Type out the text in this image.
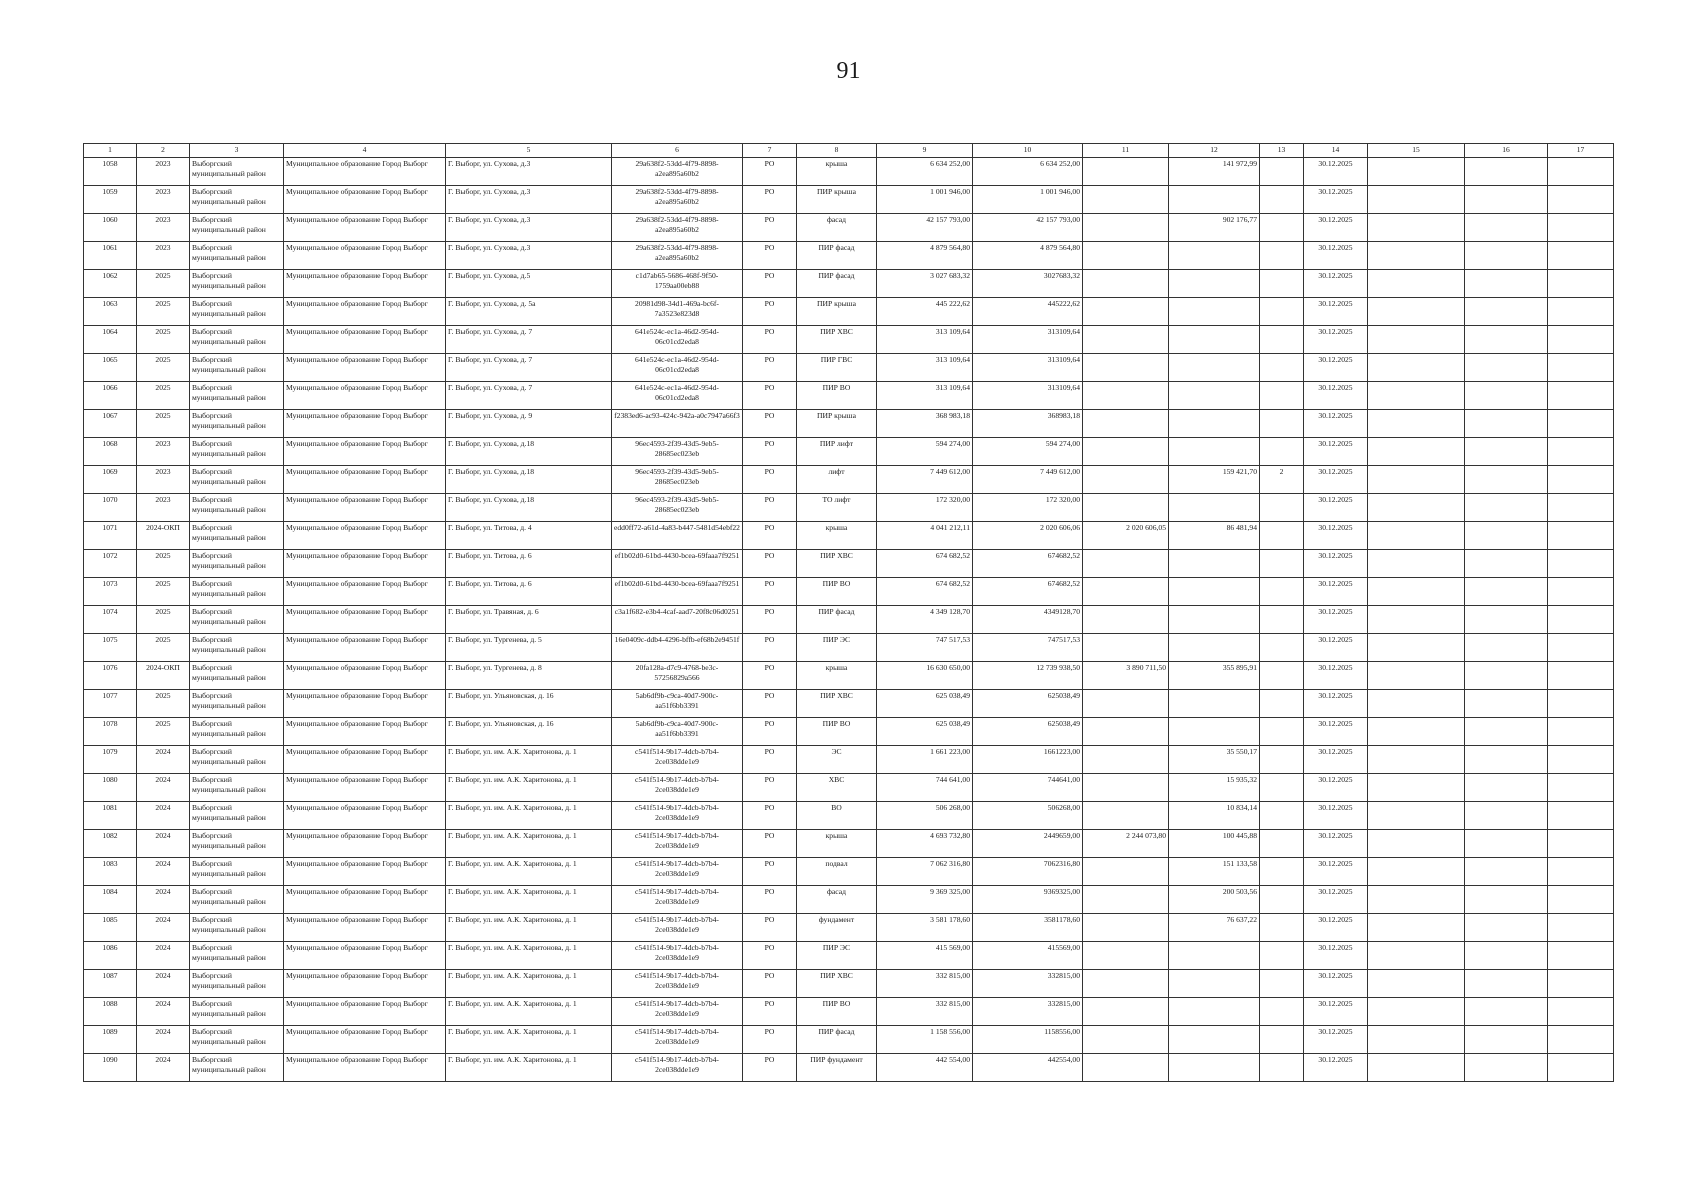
91
1	2	3	4	5	6	7	8	9	10	11	12	13	14	15	16	17
1058	2023	Выборгский муниципальный район	Муниципальное образование Город Выборг	Г. Выборг, ул. Сухова, д.3	29a638f2-53dd-4f79-8898-a2ea895a60b2	РО	крыша	6 634 252,00	6 634 252,00		141 972,99		30.12.2025			
1059	2023	Выборгский муниципальный район	Муниципальное образование Город Выборг	Г. Выборг, ул. Сухова, д.3	29a638f2-53dd-4f79-8898-a2ea895a60b2	РО	ПИР крыша	1 001 946,00	1 001 946,00				30.12.2025			
1060	2023	Выборгский муниципальный район	Муниципальное образование Город Выборг	Г. Выборг, ул. Сухова, д.3	29a638f2-53dd-4f79-8898-a2ea895a60b2	РО	фасад	42 157 793,00	42 157 793,00		902 176,77		30.12.2025			
1061	2023	Выборгский муниципальный район	Муниципальное образование Город Выборг	Г. Выборг, ул. Сухова, д.3	29a638f2-53dd-4f79-8898-a2ea895a60b2	РО	ПИР фасад	4 879 564,80	4 879 564,80				30.12.2025			
1062	2025	Выборгский муниципальный район	Муниципальное образование Город Выборг	Г. Выборг, ул. Сухова, д.5	c1d7ab65-5686-468f-9f50-1759aa00eb88	РО	ПИР фасад	3 027 683,32	3027683,32				30.12.2025			
1063	2025	Выборгский муниципальный район	Муниципальное образование Город Выборг	Г. Выборг, ул. Сухова, д. 5а	20981d98-34d1-469a-bc6f-7a3523e823d8	РО	ПИР крыша	445 222,62	445222,62				30.12.2025			
1064	2025	Выборгский муниципальный район	Муниципальное образование Город Выборг	Г. Выборг, ул. Сухова, д. 7	641e524c-ec1a-46d2-954d-06c01cd2eda8	РО	ПИР ХВС	313 109,64	313109,64				30.12.2025			
1065	2025	Выборгский муниципальный район	Муниципальное образование Город Выборг	Г. Выборг, ул. Сухова, д. 7	641e524c-ec1a-46d2-954d-06c01cd2eda8	РО	ПИР ГВС	313 109,64	313109,64				30.12.2025			
1066	2025	Выборгский муниципальный район	Муниципальное образование Город Выборг	Г. Выборг, ул. Сухова, д. 7	641e524c-ec1a-46d2-954d-06c01cd2eda8	РО	ПИР ВО	313 109,64	313109,64				30.12.2025			
1067	2025	Выборгский муниципальный район	Муниципальное образование Город Выборг	Г. Выборг, ул. Сухова, д. 9	f2383ed6-ac93-424c-942a-a0c7947a66f3	РО	ПИР крыша	368 983,18	368983,18				30.12.2025			
1068	2023	Выборгский муниципальный район	Муниципальное образование Город Выборг	Г. Выборг, ул. Сухова, д.18	96ec4593-2f39-43d5-9eb5-28685ec023eb	РО	ПИР лифт	594 274,00	594 274,00				30.12.2025			
1069	2023	Выборгский муниципальный район	Муниципальное образование Город Выборг	Г. Выборг, ул. Сухова, д.18	96ec4593-2f39-43d5-9eb5-28685ec023eb	РО	лифт	7 449 612,00	7 449 612,00		159 421,70	2	30.12.2025			
1070	2023	Выборгский муниципальный район	Муниципальное образование Город Выборг	Г. Выборг, ул. Сухова, д.18	96ec4593-2f39-43d5-9eb5-28685ec023eb	РО	ТО лифт	172 320,00	172 320,00				30.12.2025			
1071	2024-ОКП	Выборгский муниципальный район	Муниципальное образование Город Выборг	Г. Выборг, ул. Титова, д. 4	edd0ff72-a61d-4a83-b447-5481d54ebf22	РО	крыша	4 041 212,11	2 020 606,06	2 020 606,05	86 481,94		30.12.2025			
1072	2025	Выборгский муниципальный район	Муниципальное образование Город Выборг	Г. Выборг, ул. Титова, д. 6	ef1b02d0-61bd-4430-bcea-69faaa7f9251	РО	ПИР ХВС	674 682,52	674682,52				30.12.2025			
1073	2025	Выборгский муниципальный район	Муниципальное образование Город Выборг	Г. Выборг, ул. Титова, д. 6	ef1b02d0-61bd-4430-bcea-69faaa7f9251	РО	ПИР ВО	674 682,52	674682,52				30.12.2025			
1074	2025	Выборгский муниципальный район	Муниципальное образование Город Выборг	Г. Выборг, ул. Травяная, д. 6	c3a1f682-e3b4-4caf-aad7-20f8c06d0251	РО	ПИР фасад	4 349 128,70	4349128,70				30.12.2025			
1075	2025	Выборгский муниципальный район	Муниципальное образование Город Выборг	Г. Выборг, ул. Тургенева, д. 5	16e0409c-ddb4-4296-bffb-ef68b2e9451f	РО	ПИР ЭС	747 517,53	747517,53				30.12.2025			
1076	2024-ОКП	Выборгский муниципальный район	Муниципальное образование Город Выборг	Г. Выборг, ул. Тургенева, д. 8	20fa128a-d7c9-4768-be3c-57256829a566	РО	крыша	16 630 650,00	12 739 938,50	3 890 711,50	355 895,91		30.12.2025			
1077	2025	Выборгский муниципальный район	Муниципальное образование Город Выборг	Г. Выборг, ул. Ульяновская, д. 16	5ab6df9b-c9ca-40d7-900c-aa51f6bb3391	РО	ПИР ХВС	625 038,49	625038,49				30.12.2025			
1078	2025	Выборгский муниципальный район	Муниципальное образование Город Выборг	Г. Выборг, ул. Ульяновская, д. 16	5ab6df9b-c9ca-40d7-900c-aa51f6bb3391	РО	ПИР ВО	625 038,49	625038,49				30.12.2025			
1079	2024	Выборгский муниципальный район	Муниципальное образование Город Выборг	Г. Выборг, ул. им. А.К. Харитонова, д. 1	c541f514-9b17-4dcb-b7b4-2ce038dde1e9	РО	ЭС	1 661 223,00	1661223,00		35 550,17		30.12.2025			
1080	2024	Выборгский муниципальный район	Муниципальное образование Город Выборг	Г. Выборг, ул. им. А.К. Харитонова, д. 1	c541f514-9b17-4dcb-b7b4-2ce038dde1e9	РО	ХВС	744 641,00	744641,00		15 935,32		30.12.2025			
1081	2024	Выборгский муниципальный район	Муниципальное образование Город Выборг	Г. Выборг, ул. им. А.К. Харитонова, д. 1	c541f514-9b17-4dcb-b7b4-2ce038dde1e9	РО	ВО	506 268,00	506268,00		10 834,14		30.12.2025			
1082	2024	Выборгский муниципальный район	Муниципальное образование Город Выборг	Г. Выборг, ул. им. А.К. Харитонова, д. 1	c541f514-9b17-4dcb-b7b4-2ce038dde1e9	РО	крыша	4 693 732,80	2449659,00	2 244 073,80	100 445,88		30.12.2025			
1083	2024	Выборгский муниципальный район	Муниципальное образование Город Выборг	Г. Выборг, ул. им. А.К. Харитонова, д. 1	c541f514-9b17-4dcb-b7b4-2ce038dde1e9	РО	подвал	7 062 316,80	7062316,80		151 133,58		30.12.2025			
1084	2024	Выборгский муниципальный район	Муниципальное образование Город Выборг	Г. Выборг, ул. им. А.К. Харитонова, д. 1	c541f514-9b17-4dcb-b7b4-2ce038dde1e9	РО	фасад	9 369 325,00	9369325,00		200 503,56		30.12.2025			
1085	2024	Выборгский муниципальный район	Муниципальное образование Город Выборг	Г. Выборг, ул. им. А.К. Харитонова, д. 1	c541f514-9b17-4dcb-b7b4-2ce038dde1e9	РО	фундамент	3 581 178,60	3581178,60		76 637,22		30.12.2025			
1086	2024	Выборгский муниципальный район	Муниципальное образование Город Выборг	Г. Выборг, ул. им. А.К. Харитонова, д. 1	c541f514-9b17-4dcb-b7b4-2ce038dde1e9	РО	ПИР ЭС	415 569,00	415569,00				30.12.2025			
1087	2024	Выборгский муниципальный район	Муниципальное образование Город Выборг	Г. Выборг, ул. им. А.К. Харитонова, д. 1	c541f514-9b17-4dcb-b7b4-2ce038dde1e9	РО	ПИР ХВС	332 815,00	332815,00				30.12.2025			
1088	2024	Выборгский муниципальный район	Муниципальное образование Город Выборг	Г. Выборг, ул. им. А.К. Харитонова, д. 1	c541f514-9b17-4dcb-b7b4-2ce038dde1e9	РО	ПИР ВО	332 815,00	332815,00				30.12.2025			
1089	2024	Выборгский муниципальный район	Муниципальное образование Город Выборг	Г. Выборг, ул. им. А.К. Харитонова, д. 1	c541f514-9b17-4dcb-b7b4-2ce038dde1e9	РО	ПИР фасад	1 158 556,00	1158556,00				30.12.2025			
1090	2024	Выборгский муниципальный район	Муниципальное образование Город Выборг	Г. Выборг, ул. им. А.К. Харитонова, д. 1	c541f514-9b17-4dcb-b7b4-2ce038dde1e9	РО	ПИР фундамент	442 554,00	442554,00				30.12.2025			
